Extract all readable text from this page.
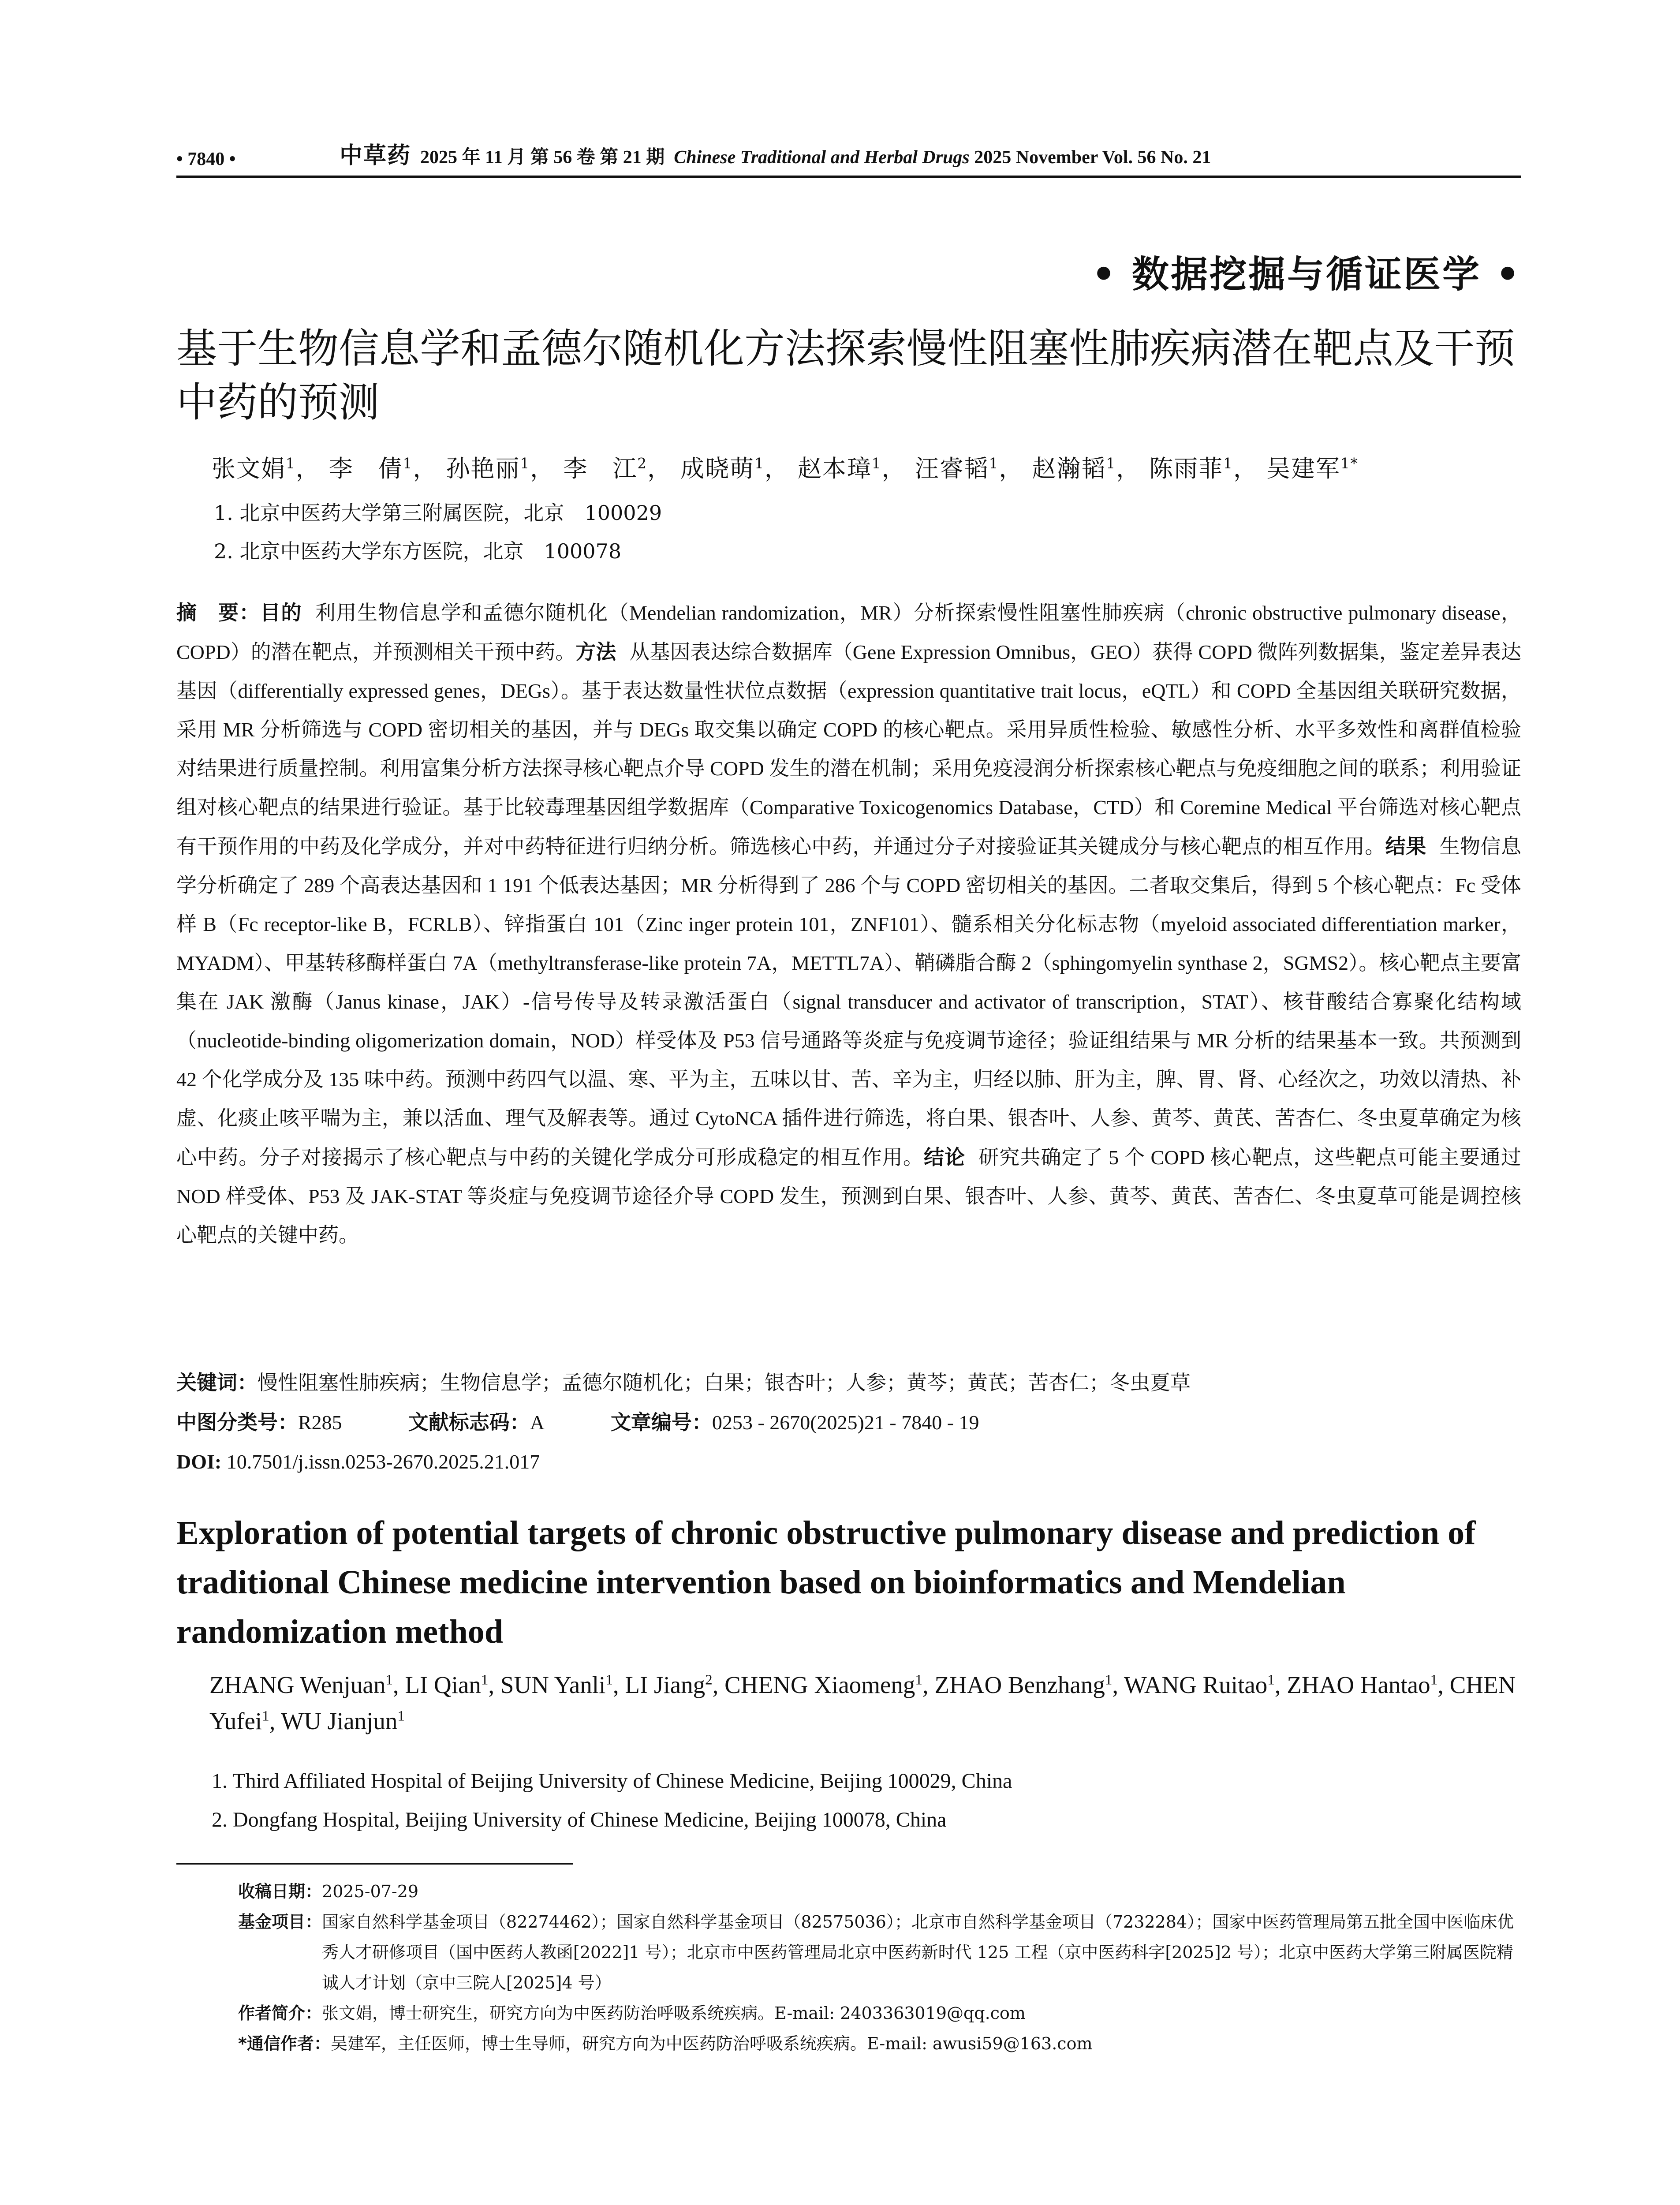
• 7840 •	中草药 2025 年 11 月 第 56 卷 第 21 期 Chinese Traditional and Herbal Drugs 2025 November Vol. 56 No. 21
• 数据挖掘与循证医学 •
基于生物信息学和孟德尔随机化方法探索慢性阻塞性肺疾病潜在靶点及干预中药的预测
张文娟$^1$， 李　倩$^1$， 孙艳丽$^1$， 李　江$^2$， 成晓萌$^1$， 赵本璋$^1$， 汪睿韬$^1$， 赵瀚韬$^1$， 陈雨菲$^1$， 吴建军$^{1*}$
1. 北京中医药大学第三附属医院，北京　100029
2. 北京中医药大学东方医院，北京　100078
摘　要：目的 利用生物信息学和孟德尔随机化（Mendelian randomization，MR）分析探索慢性阻塞性肺疾病（chronic obstructive pulmonary disease，COPD）的潜在靶点，并预测相关干预中药。方法 从基因表达综合数据库（Gene Expression Omnibus，GEO）获得 COPD 微阵列数据集，鉴定差异表达基因（differentially expressed genes，DEGs）。基于表达数量性状位点数据（expression quantitative trait locus，eQTL）和 COPD 全基因组关联研究数据，采用 MR 分析筛选与 COPD 密切相关的基因，并与 DEGs 取交集以确定 COPD 的核心靶点。采用异质性检验、敏感性分析、水平多效性和离群值检验对结果进行质量控制。利用富集分析方法探寻核心靶点介导 COPD 发生的潜在机制；采用免疫浸润分析探索核心靶点与免疫细胞之间的联系；利用验证组对核心靶点的结果进行验证。基于比较毒理基因组学数据库（Comparative Toxicogenomics Database，CTD）和 Coremine Medical 平台筛选对核心靶点有干预作用的中药及化学成分，并对中药特征进行归纳分析。筛选核心中药，并通过分子对接验证其关键成分与核心靶点的相互作用。结果 生物信息学分析确定了 289 个高表达基因和 1 191 个低表达基因；MR 分析得到了 286 个与 COPD 密切相关的基因。二者取交集后，得到 5 个核心靶点：Fc 受体样 B（Fc receptor-like B，FCRLB）、锌指蛋白 101（Zinc inger protein 101，ZNF101）、髓系相关分化标志物（myeloid associated differentiation marker，MYADM）、甲基转移酶样蛋白 7A（methyltransferase-like protein 7A，METTL7A）、鞘磷脂合酶 2（sphingomyelin synthase 2，SGMS2）。核心靶点主要富集在 JAK 激酶（Janus kinase，JAK）-信号传导及转录激活蛋白（signal transducer and activator of transcription，STAT）、核苷酸结合寡聚化结构域（nucleotide-binding oligomerization domain，NOD）样受体及 P53 信号通路等炎症与免疫调节途径；验证组结果与 MR 分析的结果基本一致。共预测到 42 个化学成分及 135 味中药。预测中药四气以温、寒、平为主，五味以甘、苦、辛为主，归经以肺、肝为主，脾、胃、肾、心经次之，功效以清热、补虚、化痰止咳平喘为主，兼以活血、理气及解表等。通过 CytoNCA 插件进行筛选，将白果、银杏叶、人参、黄芩、黄芪、苦杏仁、冬虫夏草确定为核心中药。分子对接揭示了核心靶点与中药的关键化学成分可形成稳定的相互作用。结论 研究共确定了 5 个 COPD 核心靶点，这些靶点可能主要通过 NOD 样受体、P53 及 JAK-STAT 等炎症与免疫调节途径介导 COPD 发生，预测到白果、银杏叶、人参、黄芩、黄芪、苦杏仁、冬虫夏草可能是调控核心靶点的关键中药。
关键词：慢性阻塞性肺疾病；生物信息学；孟德尔随机化；白果；银杏叶；人参；黄芩；黄芪；苦杏仁；冬虫夏草
中图分类号：R285	文献标志码：A	文章编号：0253 - 2670(2025)21 - 7840 - 19
DOI: 10.7501/j.issn.0253-2670.2025.21.017
Exploration of potential targets of chronic obstructive pulmonary disease and prediction of traditional Chinese medicine intervention based on bioinformatics and Mendelian randomization method
ZHANG Wenjuan$^1$, LI Qian$^1$, SUN Yanli$^1$, LI Jiang$^2$, CHENG Xiaomeng$^1$, ZHAO Benzhang$^1$, WANG Ruitao$^1$, ZHAO Hantao$^1$, CHEN Yufei$^1$, WU Jianjun$^1$
1. Third Affiliated Hospital of Beijing University of Chinese Medicine, Beijing 100029, China
2. Dongfang Hospital, Beijing University of Chinese Medicine, Beijing 100078, China
收稿日期： 2025-07-29
基金项目： 国家自然科学基金项目（82274462）；国家自然科学基金项目（82575036）；北京市自然科学基金项目（7232284）；国家中医药管理局第五批全国中医临床优秀人才研修项目（国中医药人教函[2022]1 号）；北京市中医药管理局北京中医药新时代 125 工程（京中医药科字[2025]2 号）；北京中医药大学第三附属医院精诚人才计划（京中三院人[2025]4 号）
作者简介： 张文娟，博士研究生，研究方向为中医药防治呼吸系统疾病。E-mail: 2403363019@qq.com
*通信作者： 吴建军，主任医师，博士生导师，研究方向为中医药防治呼吸系统疾病。E-mail: awusi59@163.com
